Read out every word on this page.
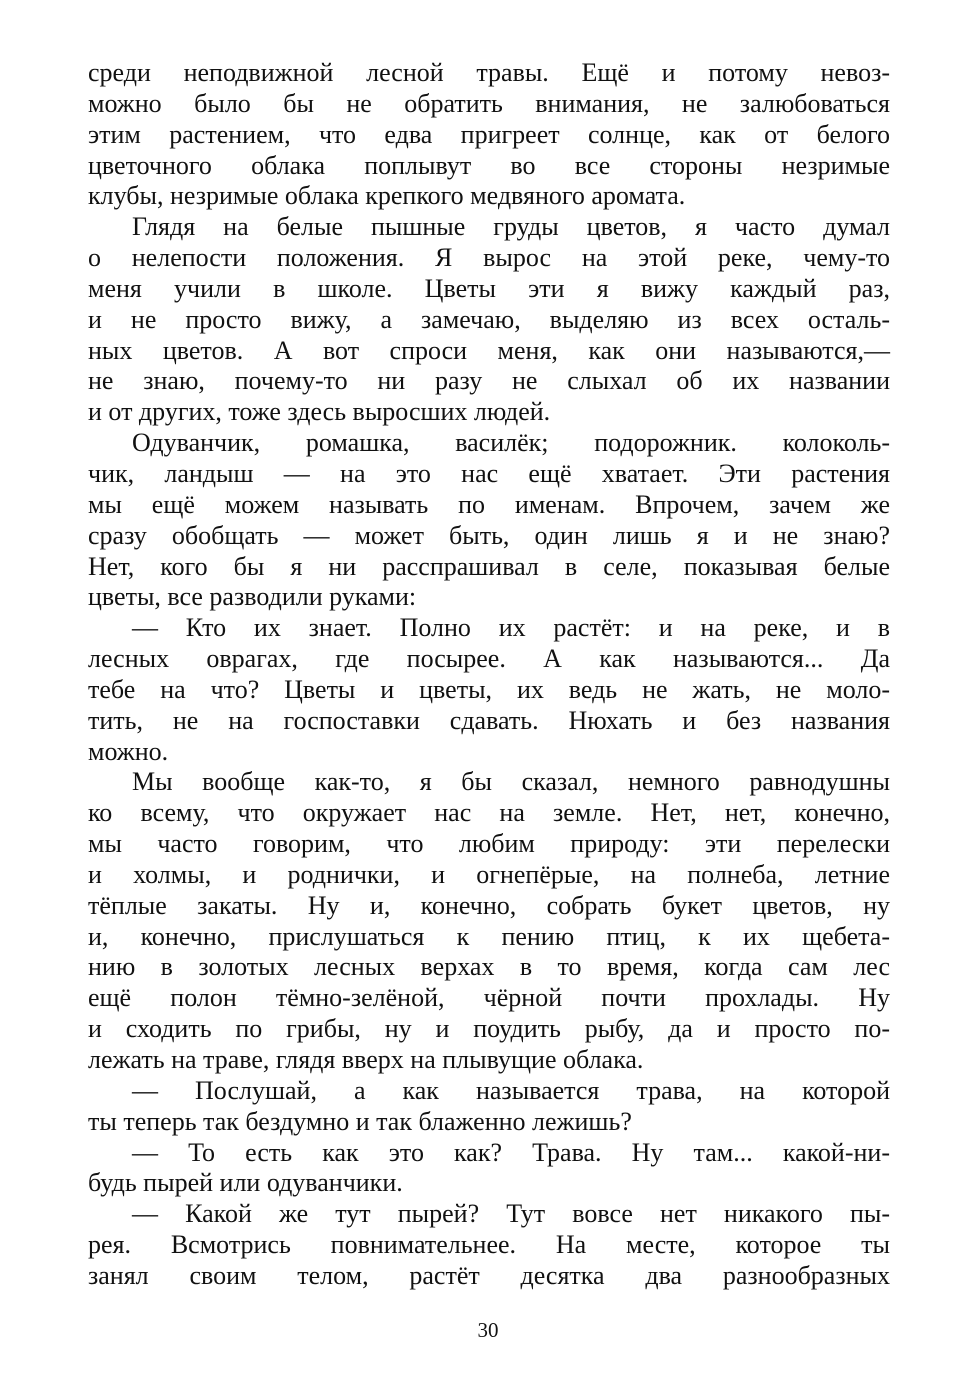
среди неподвижной лесной травы. Ещё и потому невоз-
можно было бы не обратить внимания, не залюбоваться
этим растением, что едва пригреет солнце, как от белого
цветочного облака поплывут во все стороны незримые
клубы, незримые облака крепкого медвяного аромата.
Глядя на белые пышные груды цветов, я часто думал
о нелепости положения. Я вырос на этой реке, чему-то
меня учили в школе. Цветы эти я вижу каждый раз,
и не просто вижу, а замечаю, выделяю из всех осталь-
ных цветов. А вот спроси меня, как они называются,—
не знаю, почему-то ни разу не слыхал об их названии
и от других, тоже здесь выросших людей.
Одуванчик, ромашка, василёк; подорожник. колоколь-
чик, ландыш — на это нас ещё хватает. Эти растения
мы ещё можем называть по именам. Впрочем, зачем же
сразу обобщать — может быть, один лишь я и не знаю?
Нет, кого бы я ни расспрашивал в селе, показывая белые
цветы, все разводили руками:
— Кто их знает. Полно их растёт: и на реке, и в
лесных оврагах, где посырее. А как называются... Да
тебе на что? Цветы и цветы, их ведь не жать, не моло-
тить, не на госпоставки сдавать. Нюхать и без названия
можно.
Мы вообще как-то, я бы сказал, немного равнодушны
ко всему, что окружает нас на земле. Нет, нет, конечно,
мы часто говорим, что любим природу: эти перелески
и холмы, и роднички, и огнепёрые, на полнеба, летние
тёплые закаты. Ну и, конечно, собрать букет цветов, ну
и, конечно, прислушаться к пению птиц, к их щебета-
нию в золотых лесных верхах в то время, когда сам лес
ещё полон тёмно-зелёной, чёрной почти прохлады. Ну
и сходить по грибы, ну и поудить рыбу, да и просто по-
лежать на траве, глядя вверх на плывущие облака.
— Послушай, а как называется трава, на которой
ты теперь так бездумно и так блаженно лежишь?
— То есть как это как? Трава. Ну там... какой-ни-
будь пырей или одуванчики.
— Какой же тут пырей? Тут вовсе нет никакого пы-
рея. Всмотрись повнимательнее. На месте, которое ты
занял своим телом, растёт десятка два разнообразных
30
